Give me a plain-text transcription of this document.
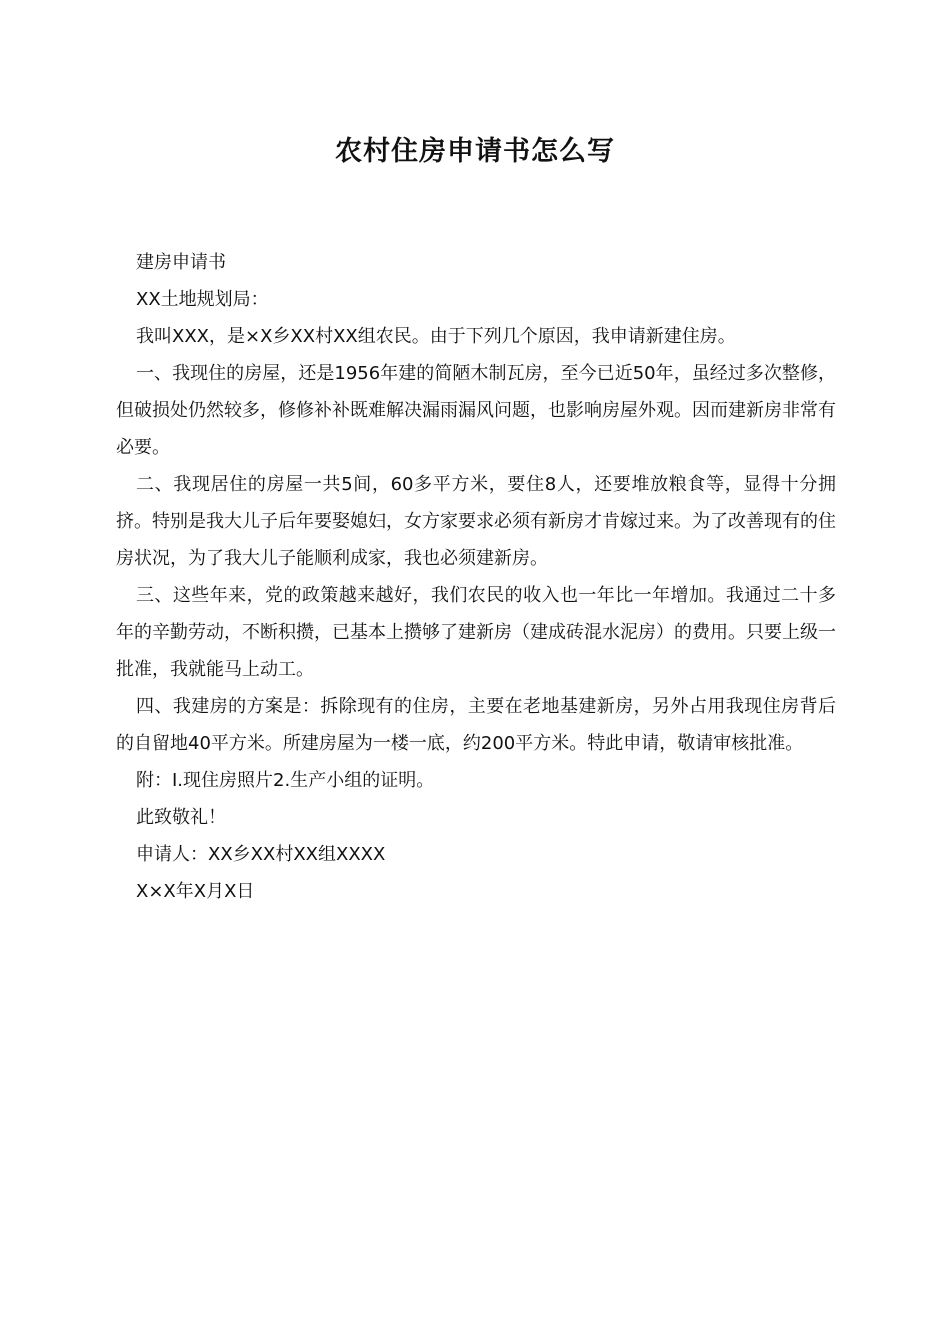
农村住房申请书怎么写

建房申请书

XX土地规划局：

我叫XXX，是×X乡XX村XX组农民。由于下列几个原因，我申请新建住房。

一、我现住的房屋，还是1956年建的简陋木制瓦房，至今已近50年，虽经过多次整修，但破损处仍然较多，修修补补既难解决漏雨漏风问题，也影响房屋外观。因而建新房非常有必要。

二、我现居住的房屋一共5间，60多平方米，要住8人，还要堆放粮食等，显得十分拥挤。特别是我大儿子后年要娶媳妇，女方家要求必须有新房才肯嫁过来。为了改善现有的住房状况，为了我大儿子能顺利成家，我也必须建新房。

三、这些年来，党的政策越来越好，我们农民的收入也一年比一年增加。我通过二十多年的辛勤劳动，不断积攒，已基本上攒够了建新房（建成砖混水泥房）的费用。只要上级一批准，我就能马上动工。

四、我建房的方案是：拆除现有的住房，主要在老地基建新房，另外占用我现住房背后的自留地40平方米。所建房屋为一楼一底，约200平方米。特此申请，敬请审核批准。

附：I.现住房照片2.生产小组的证明。

此致敬礼！

申请人：XX乡XX村XX组XXXX

X×X年X月X日
